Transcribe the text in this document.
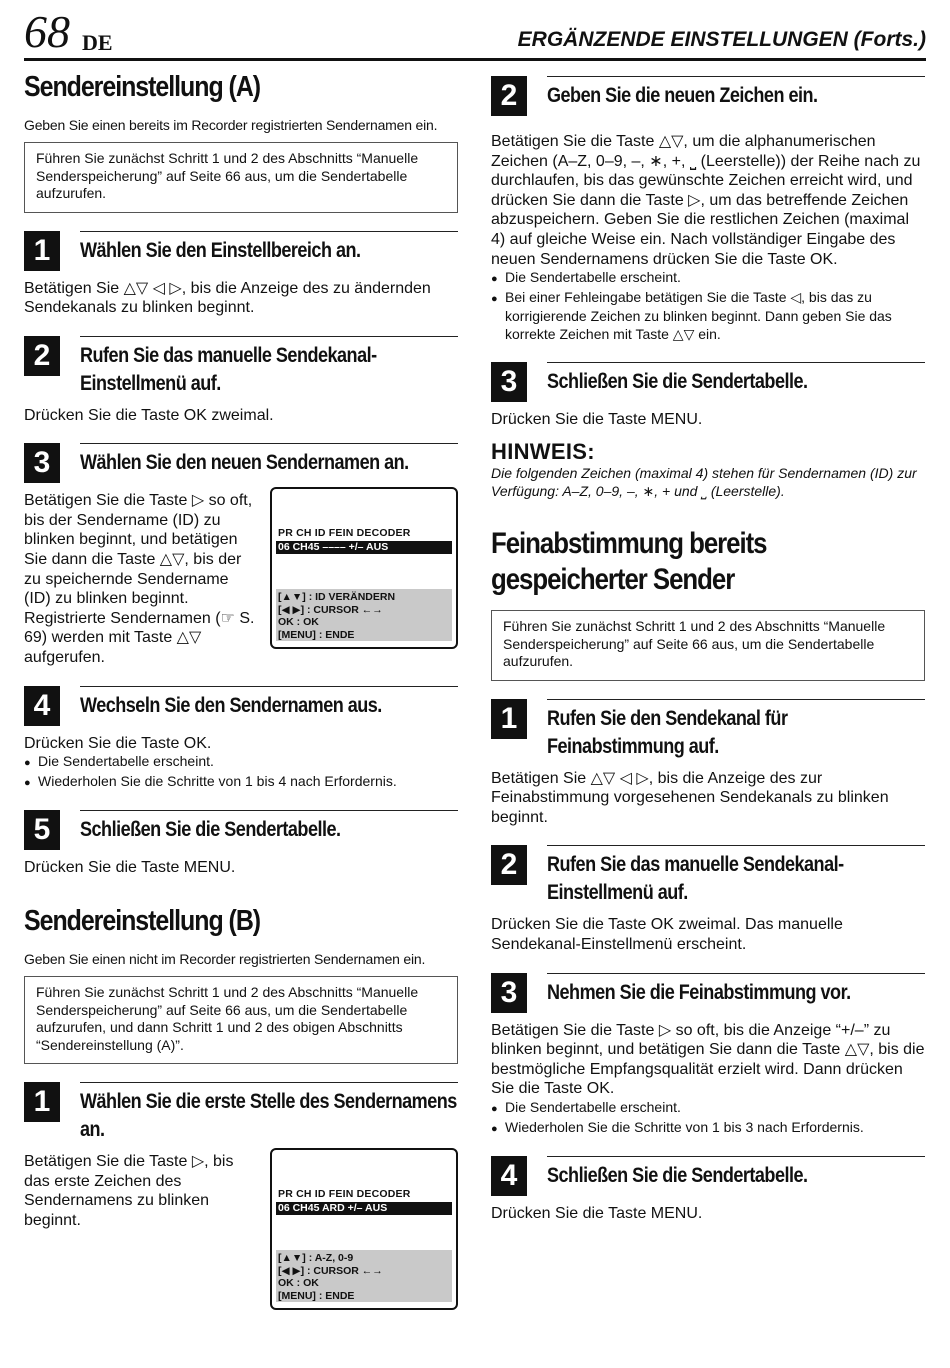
68 DE	ERGÄNZENDE EINSTELLUNGEN (Forts.)
Sendereinstellung (A)
Geben Sie einen bereits im Recorder registrierten Sendernamen ein.
Führen Sie zunächst Schritt 1 und 2 des Abschnitts “Manuelle Senderspeicherung” auf Seite 66 aus, um die Sendertabelle aufzurufen.
1	Wählen Sie den Einstellbereich an.
Betätigen Sie △▽ ◁ ▷, bis die Anzeige des zu ändernden Sendekanals zu blinken beginnt.
2	Rufen Sie das manuelle Sendekanal-Einstellmenü auf.
Drücken Sie die Taste OK zweimal.
3	Wählen Sie den neuen Sendernamen an.
Betätigen Sie die Taste ▷ so oft, bis der Sendername (ID) zu blinken beginnt, und betätigen Sie dann die Taste △▽, bis der zu speichernde Sendername (ID) zu blinken beginnt. Registrierte Sendernamen (☞ S. 69) werden mit Taste △▽ aufgerufen.
PR CH ID FEIN DECODER
06 CH45 –––– +/– AUS
[▲▼] : ID VERÄNDERN
[◀ ▶] : CURSOR ←→
OK : OK
[MENU] : ENDE
4	Wechseln Sie den Sendernamen aus.
Drücken Sie die Taste OK.
● Die Sendertabelle erscheint.
● Wiederholen Sie die Schritte von 1 bis 4 nach Erfordernis.
5	Schließen Sie die Sendertabelle.
Drücken Sie die Taste MENU.
Sendereinstellung (B)
Geben Sie einen nicht im Recorder registrierten Sendernamen ein.
Führen Sie zunächst Schritt 1 und 2 des Abschnitts “Manuelle Senderspeicherung” auf Seite 66 aus, um die Sendertabelle aufzurufen, und dann Schritt 1 und 2 des obigen Abschnitts “Sendereinstellung (A)”.
1	Wählen Sie die erste Stelle des Sendernamens an.
Betätigen Sie die Taste ▷, bis das erste Zeichen des Sendernamens zu blinken beginnt.
PR CH ID FEIN DECODER
06 CH45 ARD +/– AUS
[▲▼] : A-Z, 0-9
[◀ ▶] : CURSOR ←→
OK : OK
[MENU] : ENDE
2	Geben Sie die neuen Zeichen ein.
Betätigen Sie die Taste △▽, um die alphanumerischen Zeichen (A–Z, 0–9, –, ∗, +, ⎵ (Leerstelle)) der Reihe nach zu durchlaufen, bis das gewünschte Zeichen erreicht wird, und drücken Sie dann die Taste ▷, um das betreffende Zeichen abzuspeichern. Geben Sie die restlichen Zeichen (maximal 4) auf gleiche Weise ein. Nach vollständiger Eingabe des neuen Sendernamens drücken Sie die Taste OK.
● Die Sendertabelle erscheint.
● Bei einer Fehleingabe betätigen Sie die Taste ◁, bis das zu korrigierende Zeichen zu blinken beginnt. Dann geben Sie das korrekte Zeichen mit Taste △▽ ein.
3	Schließen Sie die Sendertabelle.
Drücken Sie die Taste MENU.
HINWEIS:
Die folgenden Zeichen (maximal 4) stehen für Sendernamen (ID) zur Verfügung: A–Z, 0–9, –, ∗, + und ⎵ (Leerstelle).
Feinabstimmung bereits gespeicherter Sender
Führen Sie zunächst Schritt 1 und 2 des Abschnitts “Manuelle Senderspeicherung” auf Seite 66 aus, um die Sendertabelle aufzurufen.
1	Rufen Sie den Sendekanal für Feinabstimmung auf.
Betätigen Sie △▽ ◁ ▷, bis die Anzeige des zur Feinabstimmung vorgesehenen Sendekanals zu blinken beginnt.
2	Rufen Sie das manuelle Sendekanal-Einstellmenü auf.
Drücken Sie die Taste OK zweimal. Das manuelle Sendekanal-Einstellmenü erscheint.
3	Nehmen Sie die Feinabstimmung vor.
Betätigen Sie die Taste ▷ so oft, bis die Anzeige “+/–” zu blinken beginnt, und betätigen Sie dann die Taste △▽, bis die bestmögliche Empfangsqualität erzielt wird. Dann drücken Sie die Taste OK.
● Die Sendertabelle erscheint.
● Wiederholen Sie die Schritte von 1 bis 3 nach Erfordernis.
4	Schließen Sie die Sendertabelle.
Drücken Sie die Taste MENU.
